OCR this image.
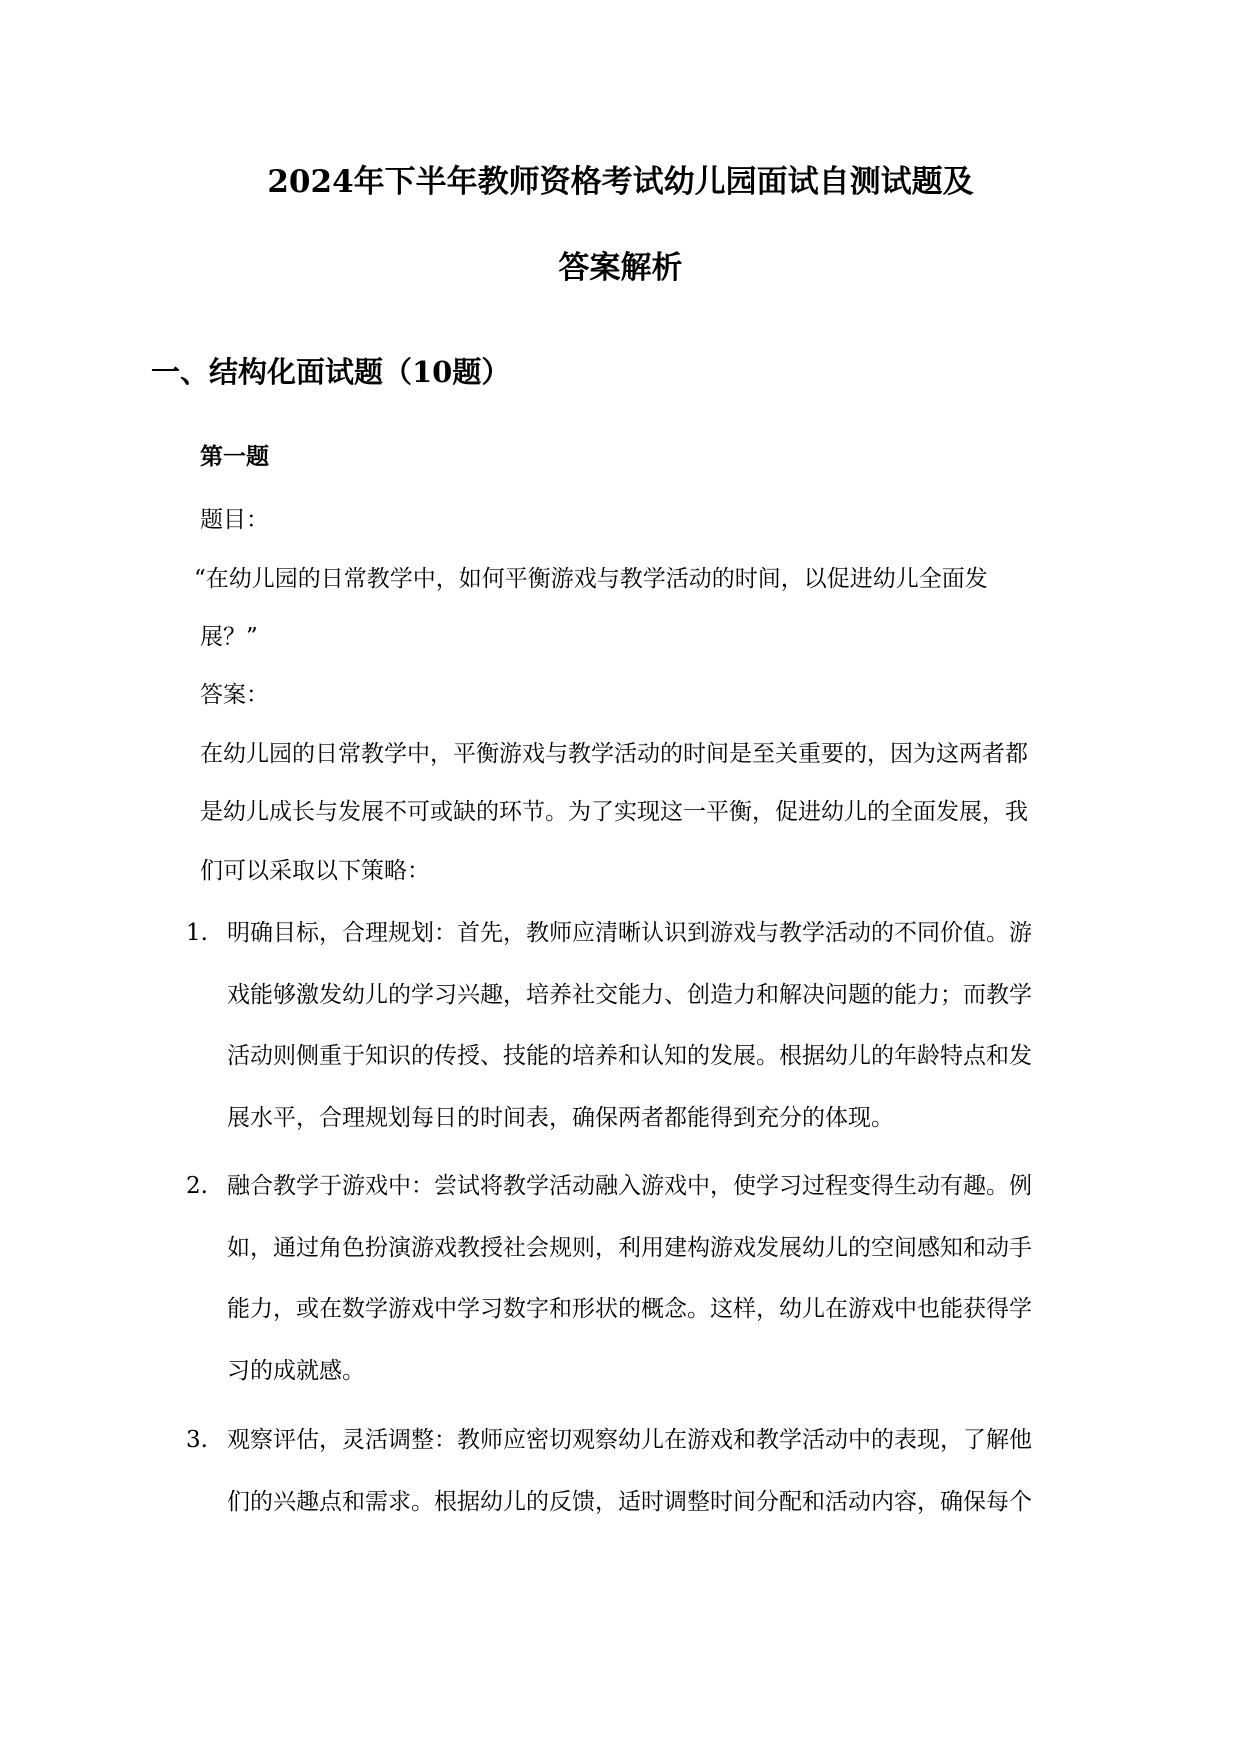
2024年下半年教师资格考试幼儿园面试自测试题及
答案解析
一、结构化面试题（10题）
第一题
题目：
“在幼儿园的日常教学中，如何平衡游戏与教学活动的时间，以促进幼儿全面发
展？”
答案：
在幼儿园的日常教学中，平衡游戏与教学活动的时间是至关重要的，因为这两者都
是幼儿成长与发展不可或缺的环节。为了实现这一平衡，促进幼儿的全面发展，我
们可以采取以下策略：
1. 明确目标，合理规划：首先，教师应清晰认识到游戏与教学活动的不同价值。游
戏能够激发幼儿的学习兴趣，培养社交能力、创造力和解决问题的能力；而教学
活动则侧重于知识的传授、技能的培养和认知的发展。根据幼儿的年龄特点和发
展水平，合理规划每日的时间表，确保两者都能得到充分的体现。
2. 融合教学于游戏中：尝试将教学活动融入游戏中，使学习过程变得生动有趣。例
如，通过角色扮演游戏教授社会规则，利用建构游戏发展幼儿的空间感知和动手
能力，或在数学游戏中学习数字和形状的概念。这样，幼儿在游戏中也能获得学
习的成就感。
3. 观察评估，灵活调整：教师应密切观察幼儿在游戏和教学活动中的表现，了解他
们的兴趣点和需求。根据幼儿的反馈，适时调整时间分配和活动内容，确保每个
